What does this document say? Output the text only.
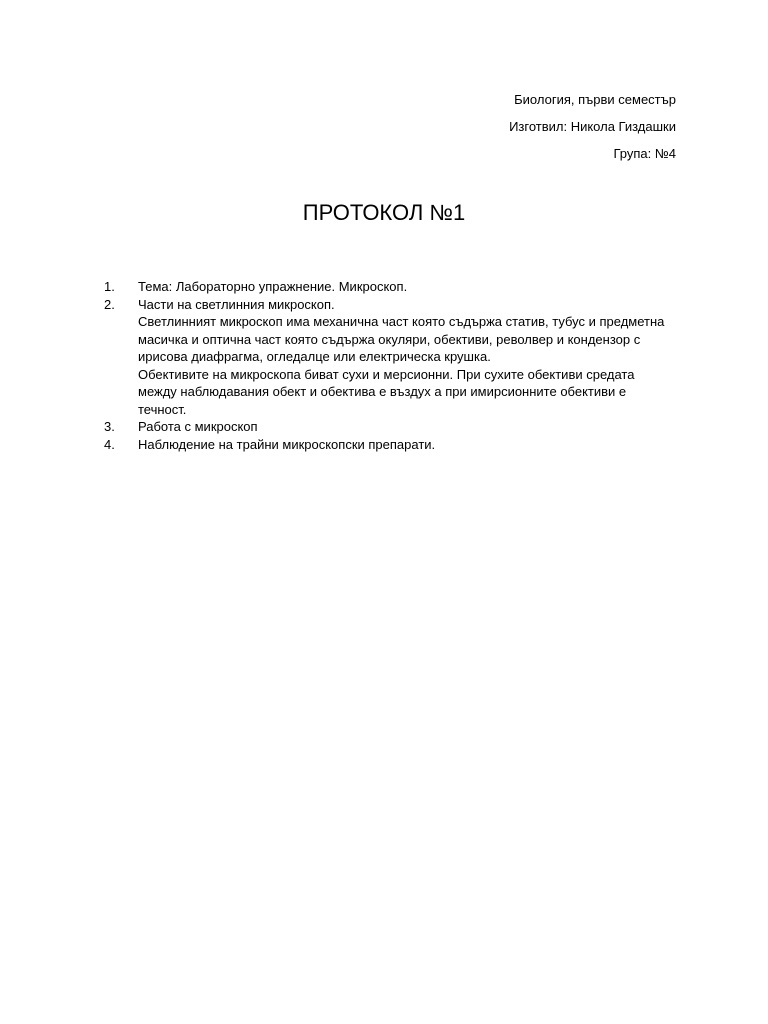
Биология, първи семестър
Изготвил: Никола Гиздашки
Група: №4
ПРОТОКОЛ №1
1.	Тема: Лабораторно упражнение. Микроскоп.

2.	Части на светлинния микроскоп.

Светлинният микроскоп има механична част която съдържа статив, тубус и предметна масичка и оптична част която съдържа окуляри, обективи, револвер и кондензор с ирисова диафрагма, огледалце или електрическа крушка.

Обективите на микроскопа биват сухи и мерсионни. При сухите обективи средата между наблюдавания обект и обектива е въздух а при имирсионните обективи е течност.

3.	Работа с микроскоп

4.	Наблюдение на трайни микроскопски препарати.
